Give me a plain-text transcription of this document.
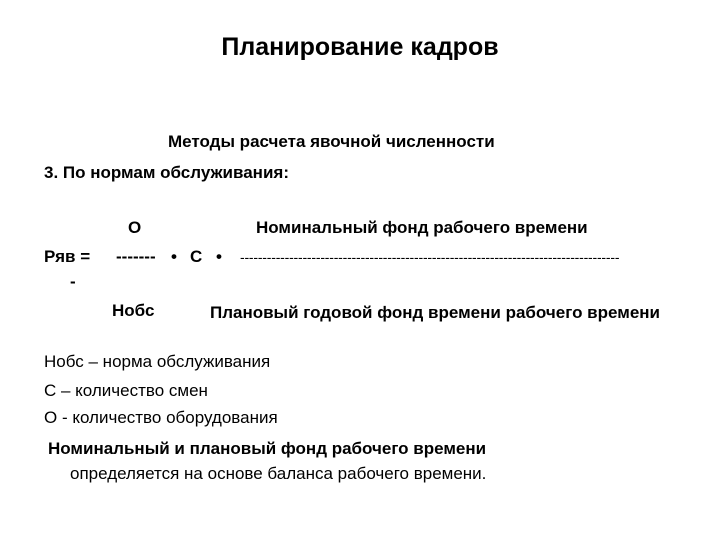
Планирование кадров
Методы расчета явочной численности
3. По нормам обслуживания:
О	Номинальный фонд рабочего времени
Ряв =
-
------- • С • -------------------------------------------------------------------------------------
Нобс	Плановый годовой фонд времени рабочего времени
Нобс – норма обслуживания
С – количество смен
О - количество оборудования
Номинальный и плановый фонд рабочего времени
определяется на основе баланса рабочего времени.
